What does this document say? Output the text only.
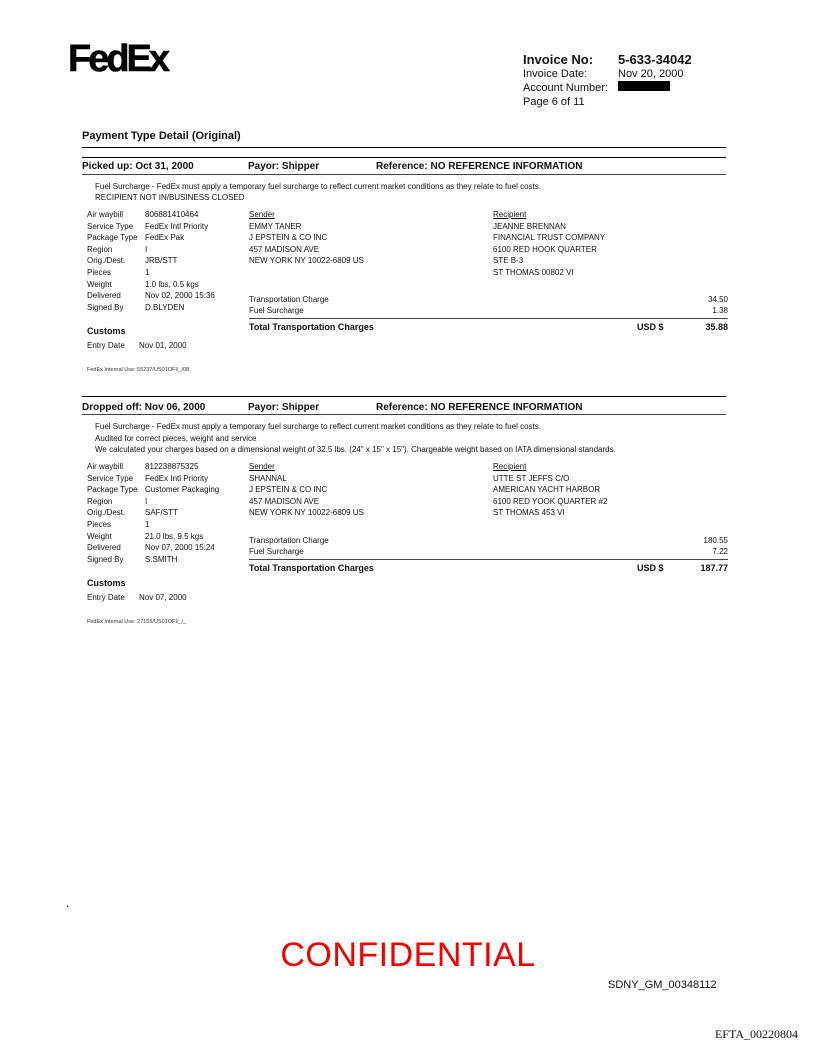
FedEx	Invoice No: 5-633-34042
Invoice Date:	Nov 20, 2000
Account Number:
Page 6 of 11
Payment Type Detail (Original)
Picked up: Oct 31, 2000	Payor: Shipper	Reference: NO REFERENCE INFORMATION
Fuel Surcharge - FedEx must apply a temporary fuel surcharge to reflect current market conditions as they relate to fuel costs.
RECIPIENT NOT IN/BUSINESS CLOSED
Air waybill	806881410464
Service Type	FedEx Intl Priority
Package Type FedEx Pak
Region	I
Orig./Dest.	JRB/STT
Pieces	1
Weight	1.0 lbs, 0.5 kgs
Delivered	Nov 02, 2000 15:36
Signed By	D.BLYDEN
Sender
EMMY TANER
J EPSTEIN & CO INC
457 MADISON AVE
NEW YORK NY 10022-6809 US
Recipient
JEANNE BRENNAN
FINANCIAL TRUST COMPANY
6100 RED HOOK QUARTER
STE B-3
ST THOMAS 00802 VI
Transportation Charge	34.50
Fuel Surcharge	1.38
Total Transportation Charges	USD $	35.88
Customs
Entry Date Nov 01, 2000
FedEx Internal Use: 55237/US01OFI/_/08
Dropped off: Nov 06, 2000	Payor: Shipper	Reference: NO REFERENCE INFORMATION
Fuel Surcharge - FedEx must apply a temporary fuel surcharge to reflect current market conditions as they relate to fuel costs.
Audited for correct pieces, weight and service
We calculated your charges based on a dimensional weight of 32.5 lbs. (24" x 15" x 15"). Chargeable weight based on IATA dimensional standards.
Air waybill	812238875325
Service Type	FedEx Intl Priority
Package Type Customer Packaging
Region	I
Orig./Dest.	SAF/STT
Pieces	1
Weight	21.0 lbs, 9.5 kgs
Delivered	Nov 07, 2000 15:24
Signed By	S.SMITH
Sender
SHANNAL
J EPSTEIN & CO INC
457 MADISON AVE
NEW YORK NY 10022-6809 US
Recipient
UTTE ST JEFFS C/O
AMERICAN YACHT HARBOR
6100 RED YOOK QUARTER #2
ST THOMAS 453 VI
Transportation Charge	180.55
Fuel Surcharge	7.22
Total Transportation Charges	USD $	187.77
Customs
Entry Date Nov 07, 2000
FedEx Internal Use: 27155/US01OFI/_/_
.
CONFIDENTIAL
SDNY_GM_00348112
EFTA_00220804
